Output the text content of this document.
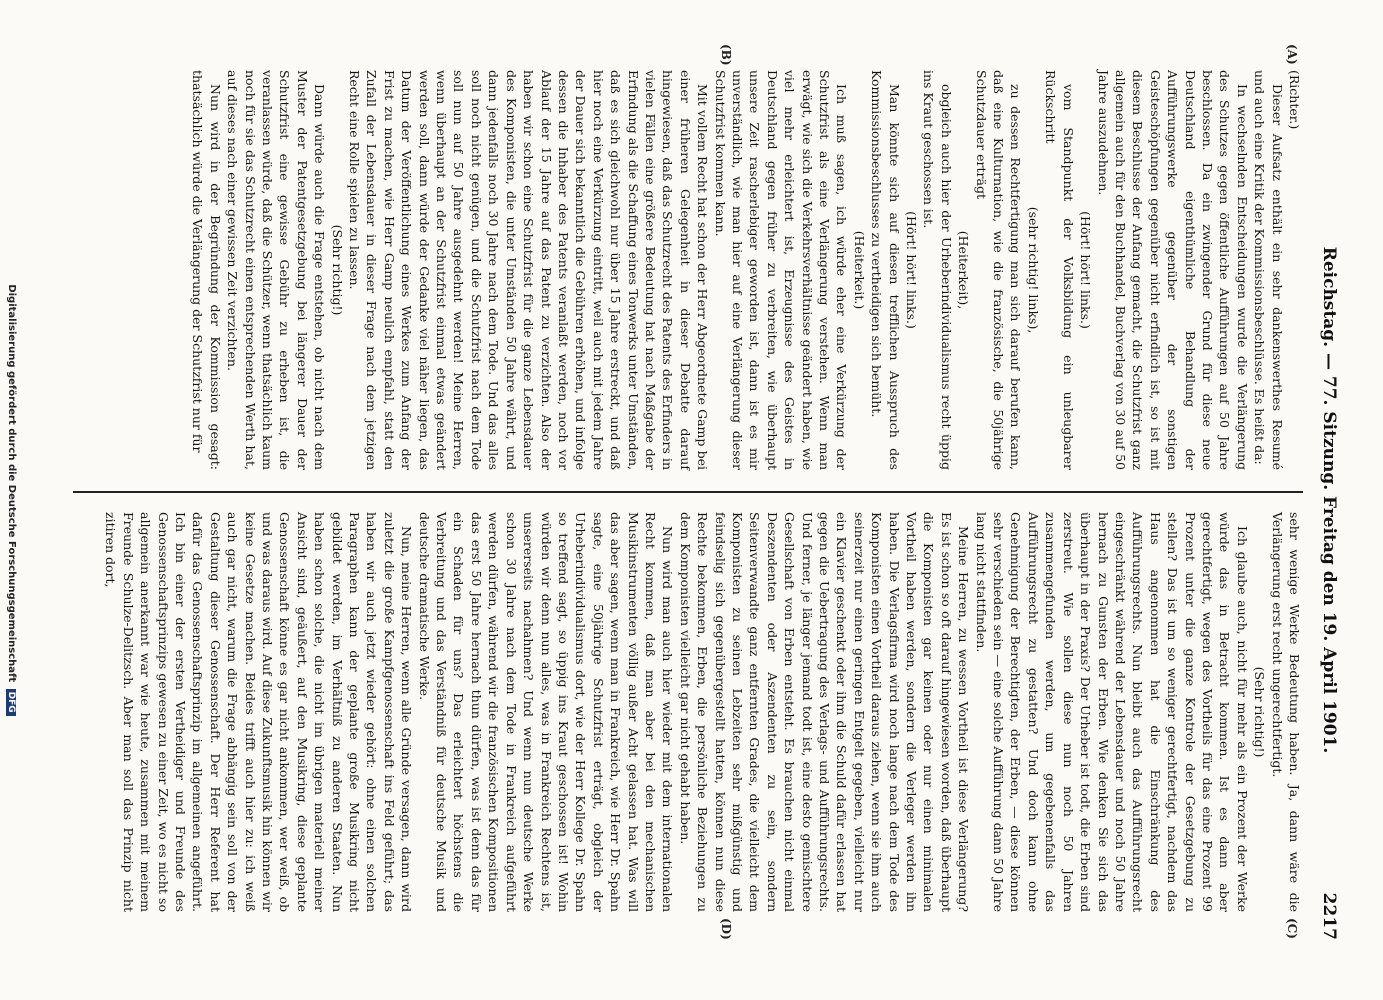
Reichstag. — 77. Sitzung. Freitag den 19. April 1901.
2217
(A)
(B)
(C)
(D)

(Richter.)

Dieser Aufsatz enthält ein sehr dankenswerthes Resumé und auch eine Kritik der Kommissionsbeschlüsse. Es heißt da:

In wechselnden Entscheidungen wurde die Verlängerung des Schutzes gegen öffentliche Aufführungen auf 50 Jahre beschlossen. Da ein zwingender Grund für diese neue Deutschland eigenthümliche Behandlung der Aufführungswerke gegenüber der sonstigen Geisteschöpfungen gegenüber nicht erfindlich ist, so ist mit diesem Beschlusse der Anfang gemacht, die Schutzfrist ganz allgemein auch für den Buchhandel, Buchverlag von 30 auf 50 Jahre auszudehnen.

(Hört! hört! links.)

vom Standpunkt der Volksbildung ein unleugbarer Rückschritt

(sehr richtig! links),

zu dessen Rechtfertigung man sich darauf berufen kann, daß eine Kulturnation, wie die französische, die 50jährige Schutzdauer erträgt

(Heiterkeit),

obgleich auch hier der Urheberindividualismus recht üppig ins Kraut geschossen ist.

(Hört! hört! links.)

Man könnte sich auf diesen trefflichen Ausspruch des Kommissionsbeschlusses zu vertheidigen sich bemüht.

(Heiterkeit.)

Ich muß sagen, ich würde eher eine Verkürzung der Schutzfrist als eine Verlängerung verstehen. Wenn man erwägt, wie sich die Verkehrsverhältnisse geändert haben, wie viel mehr erleichtert ist, Erzeugnisse des Geistes in Deutschland gegen früher zu verbreiten, wie überhaupt unsere Zeit rascherlebiger geworden ist, dann ist es mir unverständlich, wie man hier auf eine Verlängerung dieser Schutzfrist kommen kann.

Mit vollem Recht hat schon der Herr Abgeordnete Gamp bei einer früheren Gelegenheit in dieser Debatte darauf hingewiesen, daß das Schutzrecht des Patents des Erfinders in vielen Fällen eine größere Bedeutung hat nach Maßgabe der Erfindung als die Schaffung eines Tonwerks unter Umständen, daß es sich gleichwohl nur über 15 Jahre erstreckt, und daß hier noch eine Verkürzung eintritt, weil auch mit jedem Jahre der Dauer sich bekanntlich die Gebühren erhöhen, und infolge dessen die Inhaber des Patents veranlaßt werden, noch vor Ablauf der 15 Jahre auf das Patent zu verzichten. Also der haben wir schon eine Schutzfrist für die ganze Lebensdauer des Komponisten, die unter Umständen 50 Jahre währt, und dann jedenfalls noch 30 Jahre nach dem Tode. Und das alles soll noch nicht genügen, und die Schutzfrist nach dem Tode soll nun auf 50 Jahre ausgedehnt werden! Meine Herren, wenn überhaupt an der Schutzfrist einmal etwas geändert werden soll, dann würde der Gedanke viel näher liegen, das Datum der Veröffentlichung eines Werkes zum Anfang der Frist zu machen, wie Herr Gamp neulich empfahl, statt den Zufall der Lebensdauer in dieser Frage nach dem jetzigen Recht eine Rolle spielen zu lassen.

(Sehr richtig!)

Dann würde auch die Frage entstehen, ob nicht nach dem Muster der Patentgesetzgebung bei längerer Dauer der Schutzfrist eine gewisse Gebühr zu erheben ist, die veranlassen würde, daß die Schützer, wenn thatsächlich kaum noch für sie das Schutzrecht einen entsprechenden Werth hat, auf dieses nach einer gewissen Zeit verzichten.

Nun wird in der Begründung der Kommission gesagt: thatsächlich würde die Verlängerung der Schutzfrist nur für

sehr wenige Werke Bedeutung haben. Ja, dann wäre die Verlängerung erst recht ungerechtfertigt.

(Sehr richtig!)

Ich glaube auch, nicht für mehr als ein Prozent der Werke würde das in Betracht kommen. Ist es dann aber gerechtfertigt, wegen des Vortheils für das eine Prozent 99 Prozent unter die ganze Kontrole der Gesetzgebung zu stellen? Das ist um so weniger gerechtfertigt, nachdem das Haus angenommen hat die Einschränkung des Aufführungsrechts. Nun bleibt auch das Aufführungsrecht eingeschränkt während der Lebensdauer und noch 50 Jahre hernach zu Gunsten der Erben. Wie denken Sie sich das überhaupt in der Praxis? Der Urheber ist todt, die Erben sind zerstreut. Wie sollen diese nun noch 50 Jahren zusammengefunden werden, um gegebenenfalls das Aufführungsrecht zu gestatten? Und doch kann ohne Genehmigung der Berechtigten, der Erben, — diese können sehr verschieden sein — eine solche Aufführung dann 50 Jahre lang nicht stattfinden.

Meine Herren, zu wessen Vortheil ist diese Verlängerung? Es ist schon so oft darauf hingewiesen worden, daß überhaupt die Komponisten gar keinen oder nur einen minimalen Vortheil haben werden, sondern die Verleger werden ihn haben. Die Verlagsfirma wird noch lange nach dem Tode des Komponisten einen Vortheil daraus ziehen, wenn sie ihm auch seinerzeit nur einen geringen Entgelt gegeben, vielleicht nur ein Klavier geschenkt oder ihm die Schuld dafür erlassen hat gegen die Uebertragung des Verlags- und Aufführungsrechts. Und ferner, je länger jemand todt ist, eine desto gemischtere Gesellschaft von Erben entsteht. Es brauchen nicht einmal Deszendenten oder Aszendenten zu sein, sondern Seitenverwandte ganz entfernten Grades, die vielleicht dem Komponisten zu seinen Lebzeiten sehr mißgünstig und feindselig sich gegenübergestellt hatten, können nun diese Rechte bekommen, Erben, die persönliche Beziehungen zu dem Komponisten vielleicht gar nicht gehabt haben.

Nun wird man auch hier wieder mit dem internationalen Recht kommen, daß man aber bei den mechanischen Musikinstrumenten völlig außer Acht gelassen hat. Was will das aber sagen, wenn man in Frankreich, wie Herr Dr. Spahn sagte, eine 50jährige Schutzfrist erträgt, obgleich der Urheberindividualismus dort, wie der Herr Kollege Dr. Spahn so treffend sagt, so üppig ins Kraut geschossen ist! Wohin würden wir denn nun alles, was in Frankreich Rechtens ist, unsererseits nachahmen? Und wenn nun deutsche Werke schon 30 Jahre nach dem Tode in Frankreich aufgeführt werden dürfen, während wir die französischen Kompositionen das erst 50 Jahre hernach thun dürfen, was ist denn das für ein Schaden für uns? Das erleichtert höchstens die Verbreitung und das Verständniß für deutsche Musik und deutsche dramatische Werke.

Nun, meine Herren, wenn alle Gründe versagen, dann wird zuletzt die große Kampfgenossenschaft ins Feld geführt; das haben wir auch jetzt wieder gehört: ohne einen solchen Paragraphen kann der geplante große Musikring nicht gebildet werden, im Verhältniß zu anderen Staaten. Nun haben schon solche, die nicht im übrigen materiell meiner Ansicht sind, geäußert, auf den Musikring, diese geplante Genossenschaft könne es gar nicht ankommen, wer weiß, ob und was daraus wird. Auf diese Zukunftsmusik hin können wir keine Gesetze machen. Beides trifft auch hier zu: ich weiß auch gar nicht, warum die Frage abhängig sein soll von der Gestaltung dieser Genossenschaft. Der Herr Referent hat dafür das Genossenschaftsprinzip im allgemeinen angeführt. Ich bin einer der ersten Vertheidiger und Freunde des Genossenschaftsprinzips gewesen zu einer Zeit, wo es nicht so allgemein anerkannt war wie heute, zusammen mit meinem Freunde Schulze-Delitzsch. Aber man soll das Prinzip nicht zitiren dort,

Digitalisierung gefördert durch die Deutsche Forschungsgemeinschaft DFG
